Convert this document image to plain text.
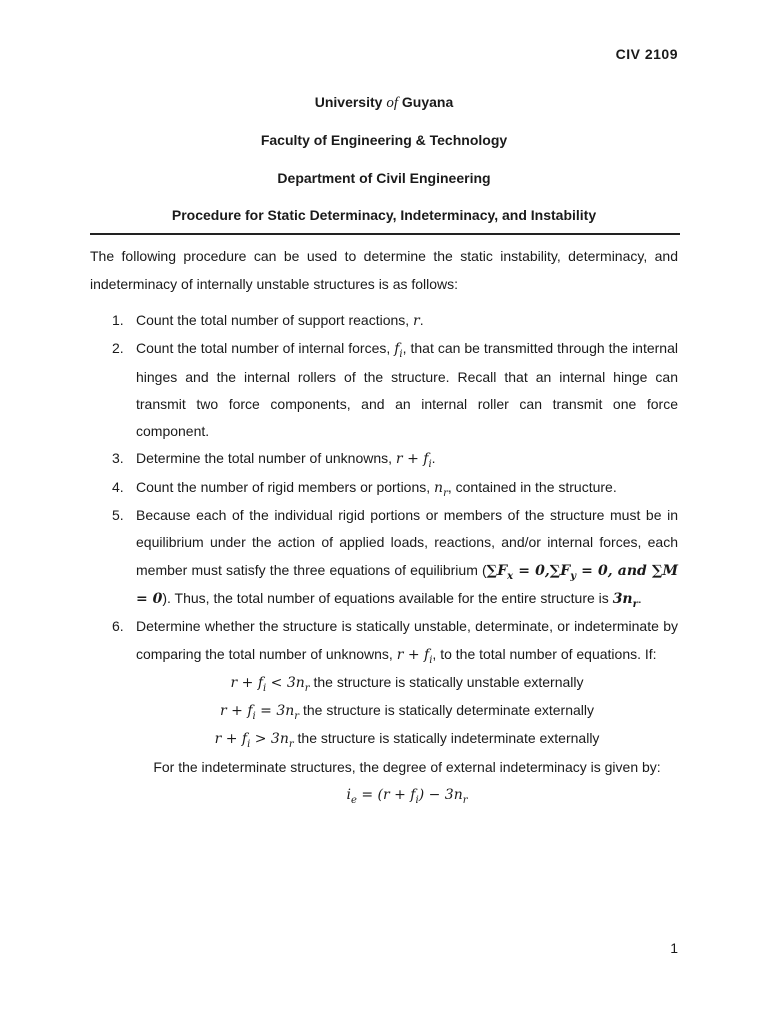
CIV 2109
University of Guyana
Faculty of Engineering & Technology
Department of Civil Engineering
Procedure for Static Determinacy, Indeterminacy, and Instability
The following procedure can be used to determine the static instability, determinacy, and indeterminacy of internally unstable structures is as follows:
1. Count the total number of support reactions, r.
2. Count the total number of internal forces, $f_i$, that can be transmitted through the internal hinges and the internal rollers of the structure. Recall that an internal hinge can transmit two force components, and an internal roller can transmit one force component.
3. Determine the total number of unknowns, $r + f_i$.
4. Count the number of rigid members or portions, $n_r$, contained in the structure.
5. Because each of the individual rigid portions or members of the structure must be in equilibrium under the action of applied loads, reactions, and/or internal forces, each member must satisfy the three equations of equilibrium ($\sum F_x = 0,\sum F_y = 0$, and ∑M = 0). Thus, the total number of equations available for the entire structure is $3n_r$.
6. Determine whether the structure is statically unstable, determinate, or indeterminate by comparing the total number of unknowns, $r + f_i$, to the total number of equations. If:
$r + f_i < 3n_r$ the structure is statically unstable externally
$r + f_i = 3n_r$ the structure is statically determinate externally
$r + f_i > 3n_r$ the structure is statically indeterminate externally
For the indeterminate structures, the degree of external indeterminacy is given by:
$i_e = (r + f_i) - 3n_r$
1
